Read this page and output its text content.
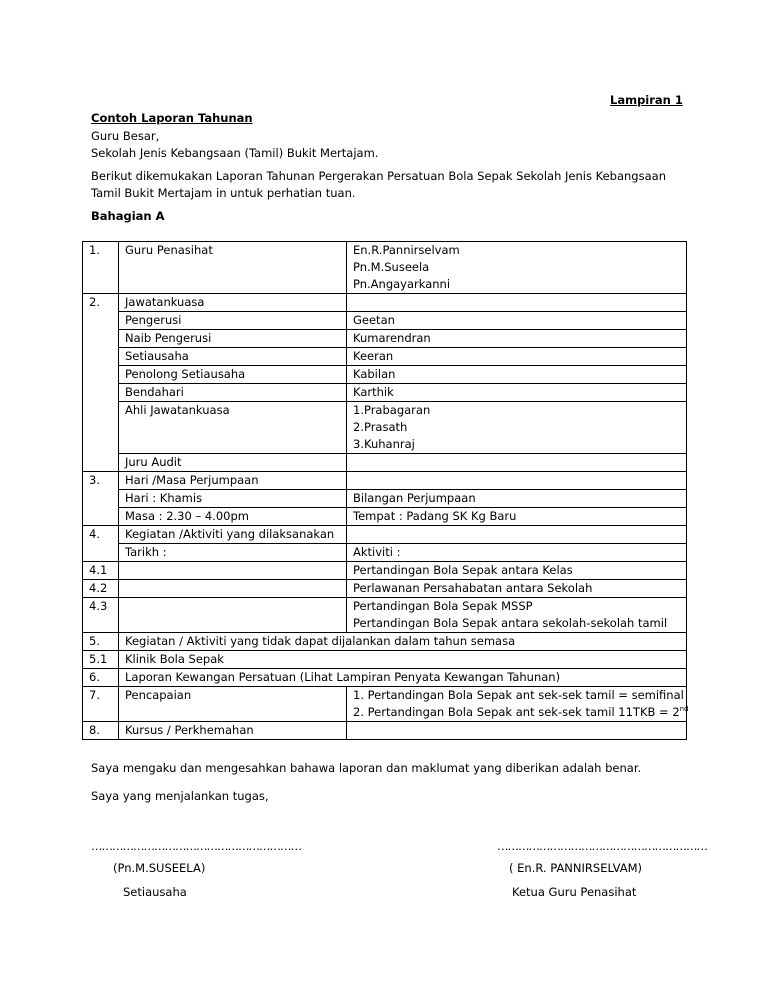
Lampiran 1
Contoh Laporan Tahunan
Guru Besar,
Sekolah Jenis Kebangsaan (Tamil) Bukit Mertajam.
Berikut dikemukakan Laporan Tahunan Pergerakan Persatuan Bola Sepak Sekolah Jenis Kebangsaan
Tamil Bukit Mertajam in untuk perhatian tuan.
Bahagian A
1.	Guru Penasihat	En.R.Pannirselvam
Pn.M.Suseela
Pn.Angayarkanni

2.	Jawatankuasa	
	Pengerusi	Geetan
	Naib Pengerusi	Kumarendran
	Setiausaha	Keeran
	Penolong Setiausaha	Kabilan
	Bendahari	Karthik
	Ahli Jawatankuasa	1.Prabagaran
2.Prasath
3.Kuhanraj

	Juru Audit	
3.	Hari /Masa Perjumpaan	
	Hari : Khamis	Bilangan Perjumpaan
	Masa : 2.30 – 4.00pm	Tempat : Padang SK Kg Baru
4.	Kegiatan /Aktiviti yang dilaksanakan	
	Tarikh :	Aktiviti :
4.1		Pertandingan Bola Sepak antara Kelas
4.2		Perlawanan Persahabatan antara Sekolah
4.3		Pertandingan Bola Sepak MSSP
Pertandingan Bola Sepak antara sekolah-sekolah tamil

5.	Kegiatan / Aktiviti yang tidak dapat dijalankan dalam tahun semasa	
5.1	Klinik Bola Sepak	
6.	Laporan Kewangan Persatuan (Lihat Lampiran Penyata Kewangan Tahunan)	
7.	Pencapaian	1. Pertandingan Bola Sepak ant sek-sek tamil = semifinal
2. Pertandingan Bola Sepak ant sek-sek tamil 11TKB = 2nd

8.	Kursus / Perkhemahan	
Saya mengaku dan mengesahkan bahawa laporan dan maklumat yang diberikan adalah benar.
Saya yang menjalankan tugas,
……………………………………………………	……………………………………………………
(Pn.M.SUSEELA)	( En.R. PANNIRSELVAM)
Setiausaha	Ketua Guru Penasihat
